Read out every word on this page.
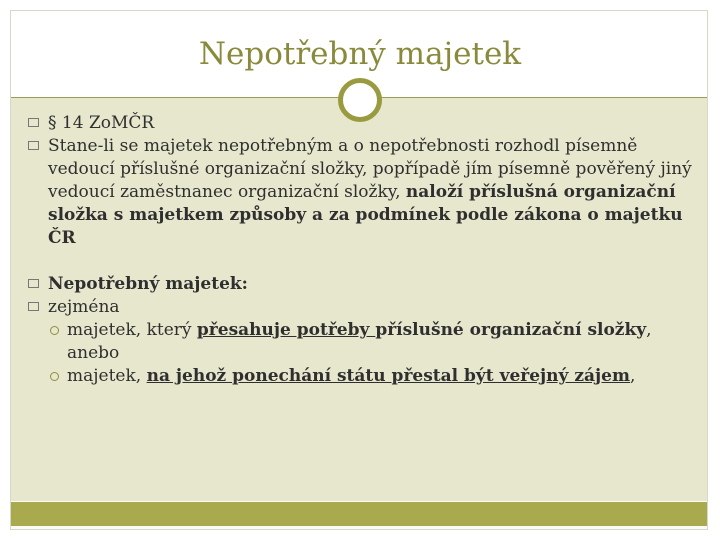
Nepotřebný majetek
§ 14 ZoMČR
Stane-li se majetek nepotřebným a o nepotřebnosti rozhodl písemně vedoucí příslušné organizační složky, popřípadě jím písemně pověřený jiný vedoucí zaměstnanec organizační složky, naloží příslušná organizační složka s majetkem způsoby a za podmínek podle zákona o majetku ČR
Nepotřebný majetek:
zejména
majetek, který přesahuje potřeby příslušné organizační složky, anebo
majetek, na jehož ponechání státu přestal být veřejný zájem,
